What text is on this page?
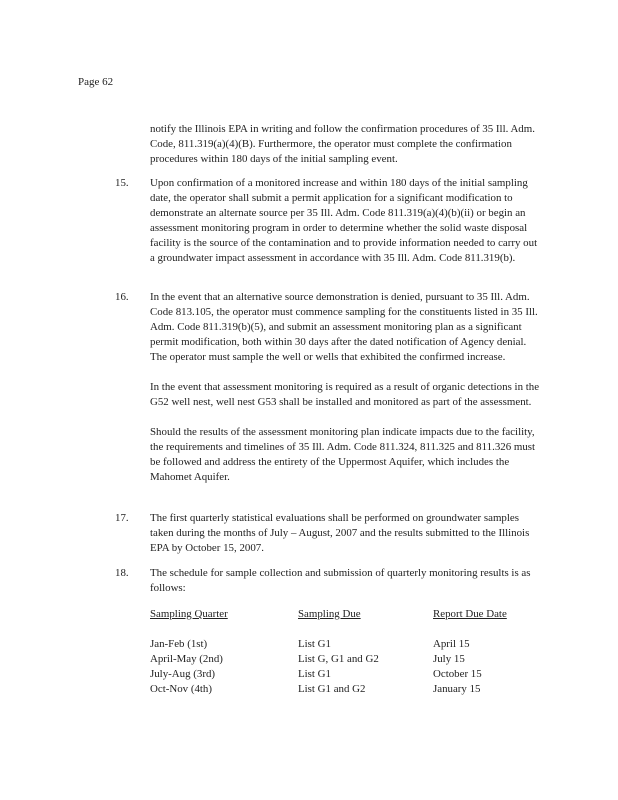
Page 62

notify the Illinois EPA in writing and follow the confirmation procedures of 35 Ill. Adm. Code, 811.319(a)(4)(B). Furthermore, the operator must complete the confirmation procedures within 180 days of the initial sampling event.

15. Upon confirmation of a monitored increase and within 180 days of the initial sampling date, the operator shall submit a permit application for a significant modification to demonstrate an alternate source per 35 Ill. Adm. Code 811.319(a)(4)(b)(ii) or begin an assessment monitoring program in order to determine whether the solid waste disposal facility is the source of the contamination and to provide information needed to carry out a groundwater impact assessment in accordance with 35 Ill. Adm. Code 811.319(b).

16. In the event that an alternative source demonstration is denied, pursuant to 35 Ill. Adm. Code 813.105, the operator must commence sampling for the constituents listed in 35 Ill. Adm. Code 811.319(b)(5), and submit an assessment monitoring plan as a significant permit modification, both within 30 days after the dated notification of Agency denial. The operator must sample the well or wells that exhibited the confirmed increase.

In the event that assessment monitoring is required as a result of organic detections in the G52 well nest, well nest G53 shall be installed and monitored as part of the assessment.

Should the results of the assessment monitoring plan indicate impacts due to the facility, the requirements and timelines of 35 Ill. Adm. Code 811.324, 811.325 and 811.326 must be followed and address the entirety of the Uppermost Aquifer, which includes the Mahomet Aquifer.

17. The first quarterly statistical evaluations shall be performed on groundwater samples taken during the months of July – August, 2007 and the results submitted to the Illinois EPA by October 15, 2007.

18. The schedule for sample collection and submission of quarterly monitoring results is as follows:

Sampling Quarter	Sampling Due	Report Due Date
Jan-Feb (1st)	List G1	April 15
April-May (2nd)	List G, G1 and G2	July 15
July-Aug (3rd)	List G1	October 15
Oct-Nov (4th)	List G1 and G2	January 15
